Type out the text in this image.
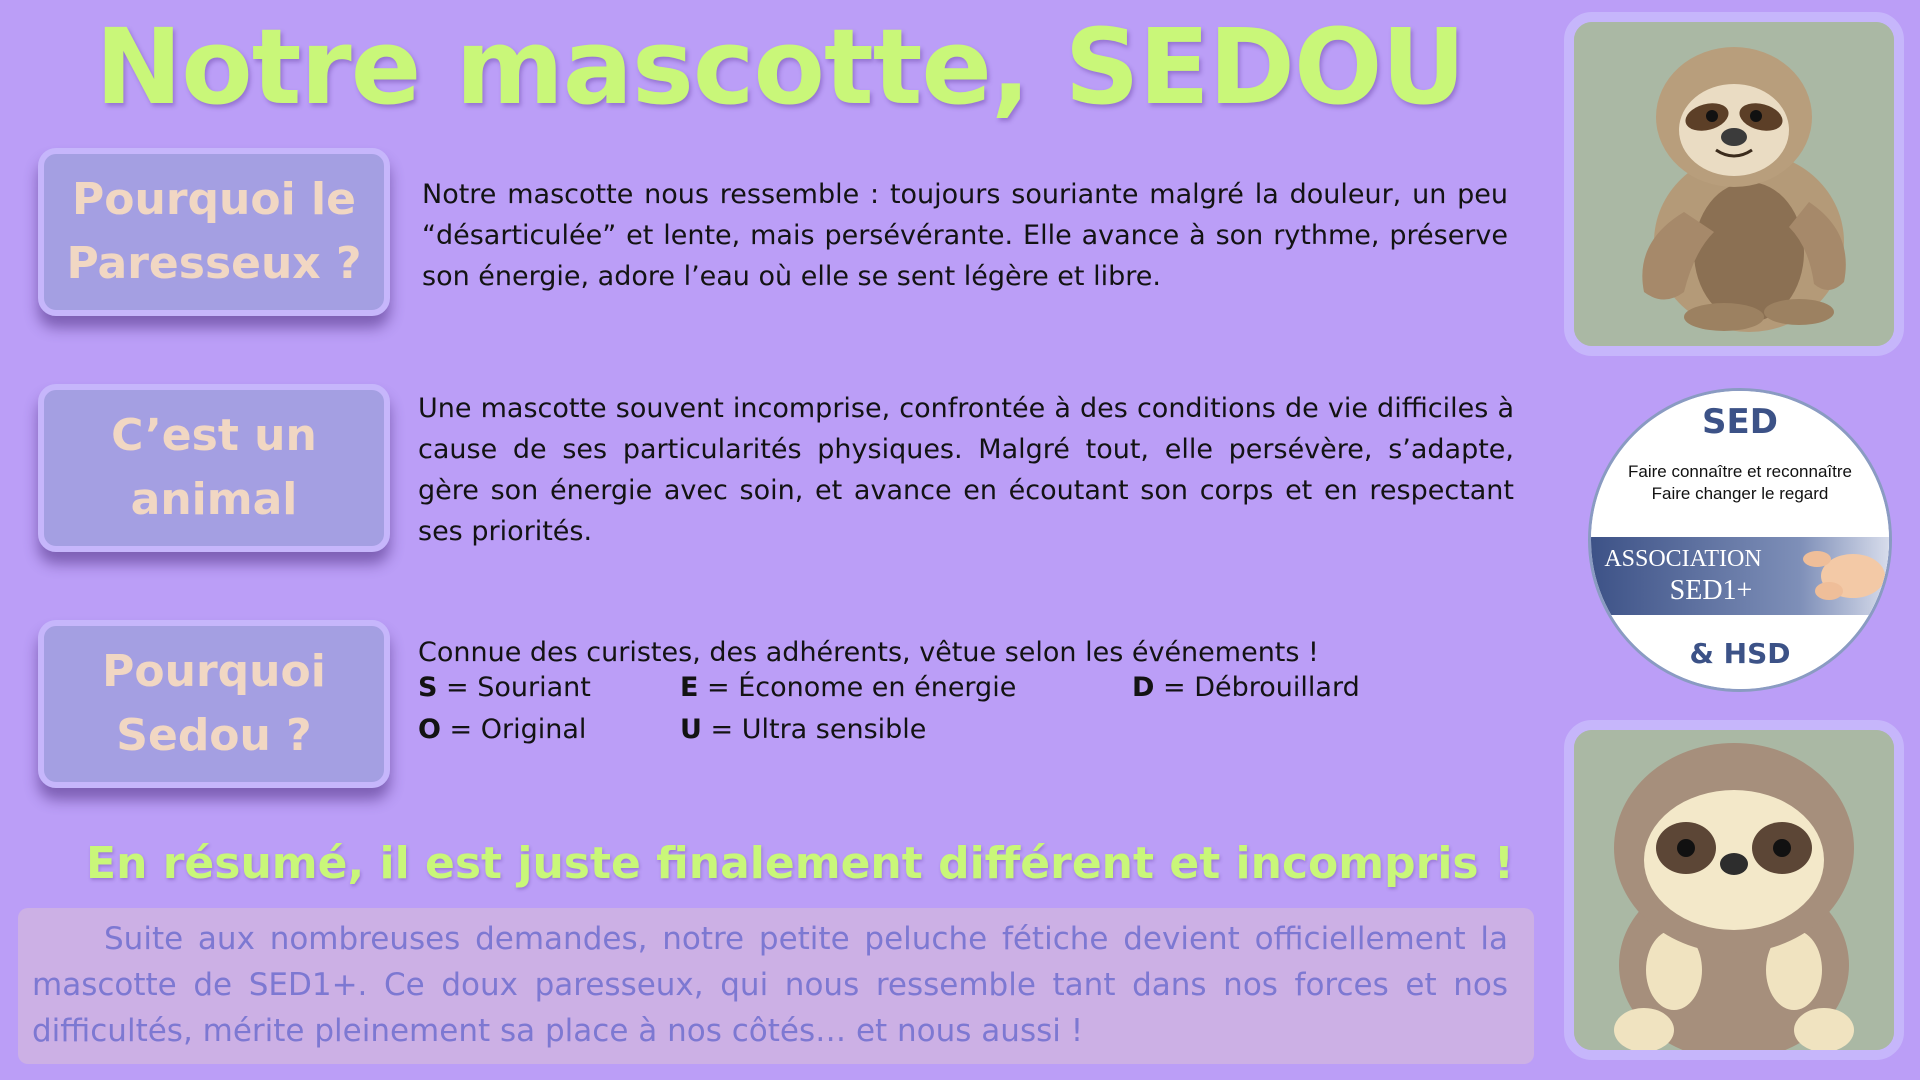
Notre mascotte, SEDOU
Pourquoi le
Paresseux ?
C’est un
animal
Pourquoi
Sedou ?
Notre mascotte nous ressemble : toujours souriante malgré la douleur, un peu “désarticulée” et lente, mais persévérante. Elle avance à son rythme, préserve son énergie, adore l’eau où elle se sent légère et libre.
Une mascotte souvent incomprise, confrontée à des conditions de vie difficiles à cause de ses particularités physiques. Malgré tout, elle persévère, s’adapte, gère son énergie avec soin, et avance en écoutant son corps et en respectant ses priorités.
Connue des curistes, des adhérents, vêtue selon les événements !
S = Souriant	E = Économe en énergie	D = Débrouillard
O = Original	U = Ultra sensible
En résumé, il est juste finalement différent et incompris !

Suite aux nombreuses demandes, notre petite peluche fétiche devient officiellement la mascotte de SED1+. Ce doux paresseux, qui nous ressemble tant dans nos forces et nos difficultés, mérite pleinement sa place à nos côtés… et nous aussi !

SED
Faire connaître et reconnaître
Faire changer le regard
ASSOCIATION
SED1+
& HSD
